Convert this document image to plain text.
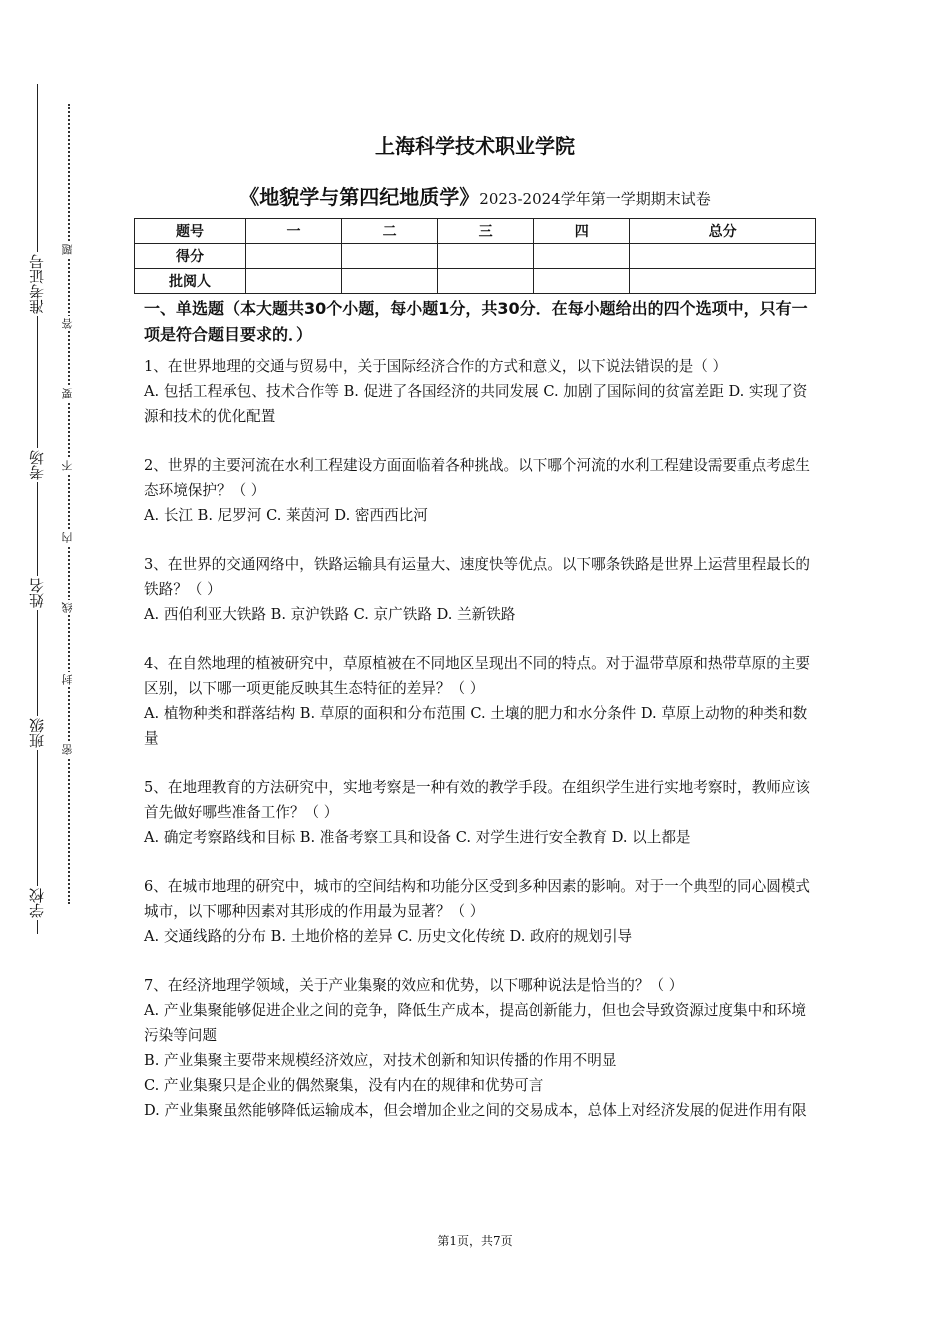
准考证号
考场
姓名
班级
学校
题
答
要
不
内
线
封
密
上海科学技术职业学院
《地貌学与第四纪地质学》2023-2024学年第一学期期末试卷
题号	一	二	三	四	总分
得分					
批阅人					

一、单选题（本大题共30个小题，每小题1分，共30分．在每小题给出的四个选项中，只有一项是符合题目要求的．）

1、在世界地理的交通与贸易中，关于国际经济合作的方式和意义，以下说法错误的是（ ）

A. 包括工程承包、技术合作等 B. 促进了各国经济的共同发展 C. 加剧了国际间的贫富差距 D. 实现了资源和技术的优化配置

2、世界的主要河流在水利工程建设方面面临着各种挑战。以下哪个河流的水利工程建设需要重点考虑生态环境保护？（ ）

A. 长江 B. 尼罗河 C. 莱茵河 D. 密西西比河

3、在世界的交通网络中，铁路运输具有运量大、速度快等优点。以下哪条铁路是世界上运营里程最长的铁路？（ ）

A. 西伯利亚大铁路 B. 京沪铁路 C. 京广铁路 D. 兰新铁路

4、在自然地理的植被研究中，草原植被在不同地区呈现出不同的特点。对于温带草原和热带草原的主要区别，以下哪一项更能反映其生态特征的差异？（ ）

A. 植物种类和群落结构 B. 草原的面积和分布范围 C. 土壤的肥力和水分条件 D. 草原上动物的种类和数量

5、在地理教育的方法研究中，实地考察是一种有效的教学手段。在组织学生进行实地考察时，教师应该首先做好哪些准备工作？（ ）

A. 确定考察路线和目标 B. 准备考察工具和设备 C. 对学生进行安全教育 D. 以上都是

6、在城市地理的研究中，城市的空间结构和功能分区受到多种因素的影响。对于一个典型的同心圆模式城市，以下哪种因素对其形成的作用最为显著？（ ）

A. 交通线路的分布 B. 土地价格的差异 C. 历史文化传统 D. 政府的规划引导

7、在经济地理学领域，关于产业集聚的效应和优势，以下哪种说法是恰当的？（ ）

A. 产业集聚能够促进企业之间的竞争，降低生产成本，提高创新能力，但也会导致资源过度集中和环境污染等问题

B. 产业集聚主要带来规模经济效应，对技术创新和知识传播的作用不明显

C. 产业集聚只是企业的偶然聚集，没有内在的规律和优势可言

D. 产业集聚虽然能够降低运输成本，但会增加企业之间的交易成本，总体上对经济发展的促进作用有限

第1页，共7页
